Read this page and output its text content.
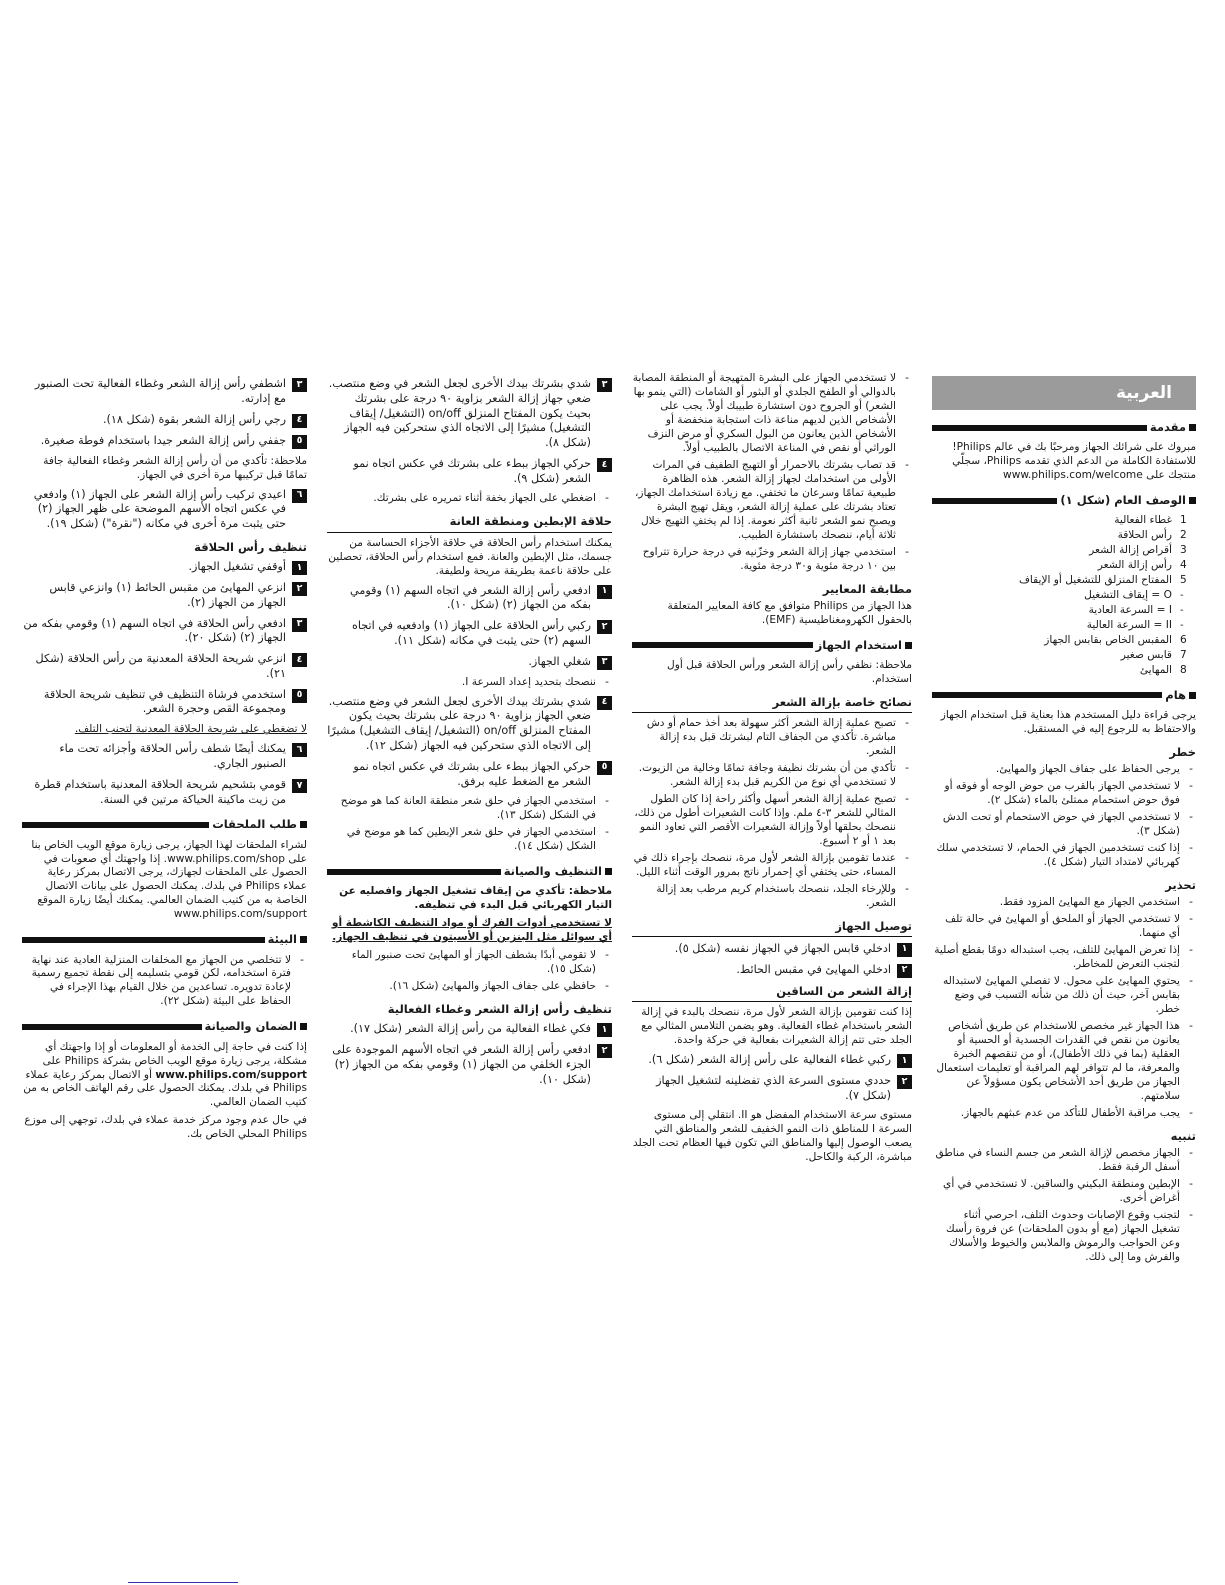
العربية
مقدمة

مبروك على شرائك الجهاز ومرحبًا بك في عالم Philips! للاستفادة الكاملة من الدعم الذي تقدمه Philips، سجلّي منتجك على www.philips.com/welcome

الوصف العام (شكل ١)
1
غطاء الفعالية
2
رأس الحلاقة
3
أقراص إزالة الشعر
4
رأس إزالة الشعر
5
المفتاح المنزلق للتشغيل أو الإيقاف
-
O = إيقاف التشغيل
-
I = السرعة العادية
-
II = السرعة العالية
6
المقبس الخاص بقابس الجهاز
7
قابس صغير
8
المهايئ
هام

يرجى قراءة دليل المستخدم هذا بعناية قبل استخدام الجهاز والاحتفاظ به للرجوع إليه في المستقبل.

خطر
-
يرجى الحفاظ على جفاف الجهاز والمهايئ.
-
لا تستخدمي الجهاز بالقرب من حوض الوجه أو فوقه أو فوق حوض استحمام ممتلئ بالماء (شكل ٢).
-
لا تستخدمي الجهاز في حوض الاستحمام أو تحت الدش (شكل ٣).
-
إذا كنت تستخدمين الجهاز في الحمام، لا تستخدمي سلك كهربائي لامتداد التيار (شكل ٤).
تحذير
-
استخدمي الجهاز مع المهايئ المزود فقط.
-
لا تستخدمي الجهاز أو الملحق أو المهايئ في حالة تلف أي منهما.
-
إذا تعرض المهايئ للتلف، يجب استبداله دومًا بقطع أصلية لتجنب التعرض للمخاطر.
-
يحتوي المهايئ على محول. لا تفصلي المهايئ لاستبداله بقابس آخر، حيث أن ذلك من شأنه التسبب في وضع خطر.
-
هذا الجهاز غير مخصص للاستخدام عن طريق أشخاص يعانون من نقص في القدرات الجسدية أو الحسية أو العقلية (بما في ذلك الأطفال)، أو من تنقصهم الخبرة والمعرفة، ما لم تتوافر لهم المراقبة أو تعليمات استعمال الجهاز من طريق أحد الأشخاص يكون مسؤولاً عن سلامتهم.
-
يجب مراقبة الأطفال للتأكد من عدم عبثهم بالجهاز.
تنبيه
-
الجهاز مخصص لإزالة الشعر من جسم النساء في مناطق أسفل الرقبة فقط.
-
الإبطين ومنطقة البكيني والساقين. لا تستخدمي في أي أغراض أخرى.
-
لتجنب وقوع الإصابات وحدوث التلف، احرصي أثناء تشغيل الجهاز (مع أو بدون الملحقات) عن فروة رأسك وعن الحواجب والرموش والملابس والخيوط والأسلاك والفرش وما إلى ذلك.
-
لا تستخدمي الجهاز على البشرة المتهيجة أو المنطقة المصابة بالدوالي أو الطفح الجلدي أو البثور أو الشامات (التي ينمو بها الشعر) أو الجروح دون استشارة طبيبك أولاً. يجب على الأشخاص الذين لديهم مناعة ذات استجابة منخفضة أو الأشخاص الذين يعانون من البول السكري أو مرض النزف الوراثي أو نقص في المناعة الاتصال بالطبيب أولاً.
-
قد تصاب بشرتك بالاحمرار أو التهيج الطفيف في المرات الأولى من استخدامك لجهاز إزالة الشعر. هذه الظاهرة طبيعية تمامًا وسرعان ما تختفي. مع زيادة استخدامك الجهاز، تعتاد بشرتك على عملية إزالة الشعر، ويقل تهيج البشرة ويصبح نمو الشعر ثانية أكثر نعومة. إذا لم يختفِ التهيج خلال ثلاثة أيام، ننصحك باستشارة الطبيب.
-
استخدمي جهاز إزالة الشعر وخزّنيه في درجة حرارة تتراوح بين ١٠ درجة مئوية و٣٠ درجة مئوية.
مطابقة المعايير

هذا الجهاز من Philips متوافق مع كافة المعايير المتعلقة بالحقول الكهرومغناطيسية (EMF).

استخدام الجهاز

ملاحظة: نظفي رأس إزالة الشعر ورأس الحلاقة قبل أول استخدام.

نصائح خاصة بإزالة الشعر
-
تصبح عملية إزالة الشعر أكثر سهولة بعد أخذ حمام أو دش مباشرة. تأكدي من الجفاف التام لبشرتك قبل بدء إزالة الشعر.
-
تأكدي من أن بشرتك نظيفة وجافة تمامًا وخالية من الزيوت. لا تستخدمي أي نوع من الكريم قبل بدء إزالة الشعر.
-
تصبح عملية إزالة الشعر أسهل وأكثر راحة إذا كان الطول المثالي للشعر ٣-٤ ملم. وإذا كانت الشعيرات أطول من ذلك، ننصحك بحلقها أولاً وإزالة الشعيرات الأقصر التي تعاود النمو بعد ١ أو ٢ أسبوع.
-
عندما تقومين بإزالة الشعر لأول مرة، ننصحك بإجراء ذلك في المساء، حتى يختفي أي إحمرار ناتج بمرور الوقت أثناء الليل.
-
وللإرخاء الجلد، ننصحك باستخدام كريم مرطب بعد إزالة الشعر.
توصيل الجهاز
١
ادخلي قابس الجهاز في الجهاز نفسه (شكل ٥).
٢
ادخلي المهايئ في مقبس الحائط.
إزالة الشعر من الساقين

إذا كنت تقومين بإزالة الشعر لأول مرة، ننصحك بالبدء في إزالة الشعر باستخدام غطاء الفعالية. وهو يضمن التلامس المثالي مع الجلد حتى تتم إزالة الشعيرات بفعالية في حركة واحدة.

١
ركبي غطاء الفعالية على رأس إزالة الشعر (شكل ٦).
٢
حددي مستوى السرعة الذي تفضلينه لتشغيل الجهاز (شكل ٧).

مستوى سرعة الاستخدام المفضل هو II. انتقلي إلى مستوى السرعة I للمناطق ذات النمو الخفيف للشعر والمناطق التي يصعب الوصول إليها والمناطق التي تكون فيها العظام تحت الجلد مباشرة، الركبة والكاحل.

٣
شدي بشرتك بيدك الأخرى لجعل الشعر في وضع منتصب. ضعي جهاز إزالة الشعر بزاوية ٩٠ درجة على بشرتك بحيث يكون المفتاح المنزلق on/off (التشغيل/ إيقاف التشغيل) مشيرًا إلى الاتجاه الذي ستحركين فيه الجهاز (شكل ٨).
٤
حركي الجهاز ببطء على بشرتك في عكس اتجاه نمو الشعر (شكل ٩).
-
اضغطي على الجهاز بخفة أثناء تمريره على بشرتك.
حلاقة الإبطين ومنطقة العانة

يمكنك استخدام رأس الحلاقة في حلاقة الأجزاء الحساسة من جسمك، مثل الإبطين والعانة. فمع استخدام رأس الحلاقة، تحصلين على حلاقة ناعمة بطريقة مريحة ولطيفة.

١
ادفعي رأس إزالة الشعر في اتجاه السهم (١) وقومي بفكه من الجهاز (٢) (شكل ١٠).
٢
ركبي رأس الحلاقة على الجهاز (١) وادفعيه في اتجاه السهم (٢) حتى يثبت في مكانه (شكل ١١).
٣
شغلي الجهاز.
-
ننصحك بتحديد إعداد السرعة I.
٤
شدي بشرتك بيدك الأخرى لجعل الشعر في وضع منتصب. ضعي الجهاز بزاوية ٩٠ درجة على بشرتك بحيث يكون المفتاح المنزلق on/off (التشغيل/ إيقاف التشغيل) مشيرًا إلى الاتجاه الذي ستحركين فيه الجهاز (شكل ١٢).
٥
حركي الجهاز ببطء على بشرتك في عكس اتجاه نمو الشعر مع الضغط عليه برفق.
-
استخدمي الجهاز في حلق شعر منطقة العانة كما هو موضح في الشكل (شكل ١٣).
-
استخدمي الجهاز في حلق شعر الإبطين كما هو موضح في الشكل (شكل ١٤).
التنظيف والصيانة

ملاحظة: تأكدي من إيقاف تشغيل الجهاز وافصليه عن التيار الكهربائي قبل البدء في تنظيفه.

لا تستخدمي أدوات الفرك أو مواد التنظيف الكاشطة أو أي سوائل مثل البنزين أو الأسيتون في تنظيف الجهاز.

-
لا تقومي أبدًا بشطف الجهاز أو المهايئ تحت صنبور الماء (شكل ١٥).
-
حافظي على جفاف الجهاز والمهايئ (شكل ١٦).
تنظيف رأس إزالة الشعر وغطاء الفعالية
١
فكي غطاء الفعالية من رأس إزالة الشعر (شكل ١٧).
٢
ادفعي رأس إزالة الشعر في اتجاه الأسهم الموجودة على الجزء الخلفي من الجهاز (١) وقومي بفكه من الجهاز (٢) (شكل ١٠).
٣
اشطفي رأس إزالة الشعر وغطاء الفعالية تحت الصنبور مع إدارته.
٤
رجي رأس إزالة الشعر بقوة (شكل ١٨).
٥
جففي رأس إزالة الشعر جيدا باستخدام فوطة صغيرة.

ملاحظة: تأكدي من أن رأس إزالة الشعر وغطاء الفعالية جافة تمامًا قبل تركيبها مرة أخرى في الجهاز.

٦
اعيدي تركيب رأس إزالة الشعر على الجهاز (١) وادفعي في عكس اتجاه الأسهم الموضحة على ظهر الجهاز (٢) حتى يثبت مرة أخرى في مكانه ("نقرة") (شكل ١٩).
تنظيف رأس الحلاقة
١
أوقفي تشغيل الجهاز.
٢
انزعي المهايئ من مقبس الحائط (١) وانزعي قابس الجهاز من الجهاز (٢).
٣
ادفعي رأس الحلاقة في اتجاه السهم (١) وقومي بفكه من الجهاز (٢) (شكل ٢٠).
٤
انزعي شريحة الحلاقة المعدنية من رأس الحلاقة (شكل ٢١).
٥
استخدمي فرشاة التنظيف في تنظيف شريحة الحلاقة ومجموعة القص وحجرة الشعر.

لا تضغطي على شريحة الحلاقة المعدنية لتجنب التلف.

٦
يمكنك أيضًا شطف رأس الحلاقة وأجزائه تحت ماء الصنبور الجاري.
٧
قومي بتشحيم شريحة الحلاقة المعدنية باستخدام قطرة من زيت ماكينة الحياكة مرتين في السنة.
طلب الملحقات

لشراء الملحقات لهذا الجهاز، يرجى زيارة موقع الويب الخاص بنا على www.philips.com/shop. إذا واجهتك أي صعوبات في الحصول على الملحقات لجهازك، يرجى الاتصال بمركز رعاية عملاء Philips في بلدك. يمكنك الحصول على بيانات الاتصال الخاصة به من كتيب الضمان العالمي. يمكنك أيضًا زيارة الموقع www.philips.com/support

البيئة
-
لا تتخلصي من الجهاز مع المخلفات المنزلية العادية عند نهاية فترة استخدامه، لكن قومي بتسليمه إلى نقطة تجميع رسمية لإعادة تدويره. تساعدين من خلال القيام بهذا الإجراء في الحفاظ على البيئة (شكل ٢٢).
الضمان والصيانة

إذا كنت في حاجة إلى الخدمة أو المعلومات أو إذا واجهتك أي مشكلة، يرجى زيارة موقع الويب الخاص بشركة Philips على www.philips.com/support أو الاتصال بمركز رعاية عملاء Philips في بلدك. يمكنك الحصول على رقم الهاتف الخاص به من كتيب الضمان العالمي.

في حال عدم وجود مركز خدمة عملاء في بلدك، توجهي إلى موزع Philips المحلي الخاص بك.
